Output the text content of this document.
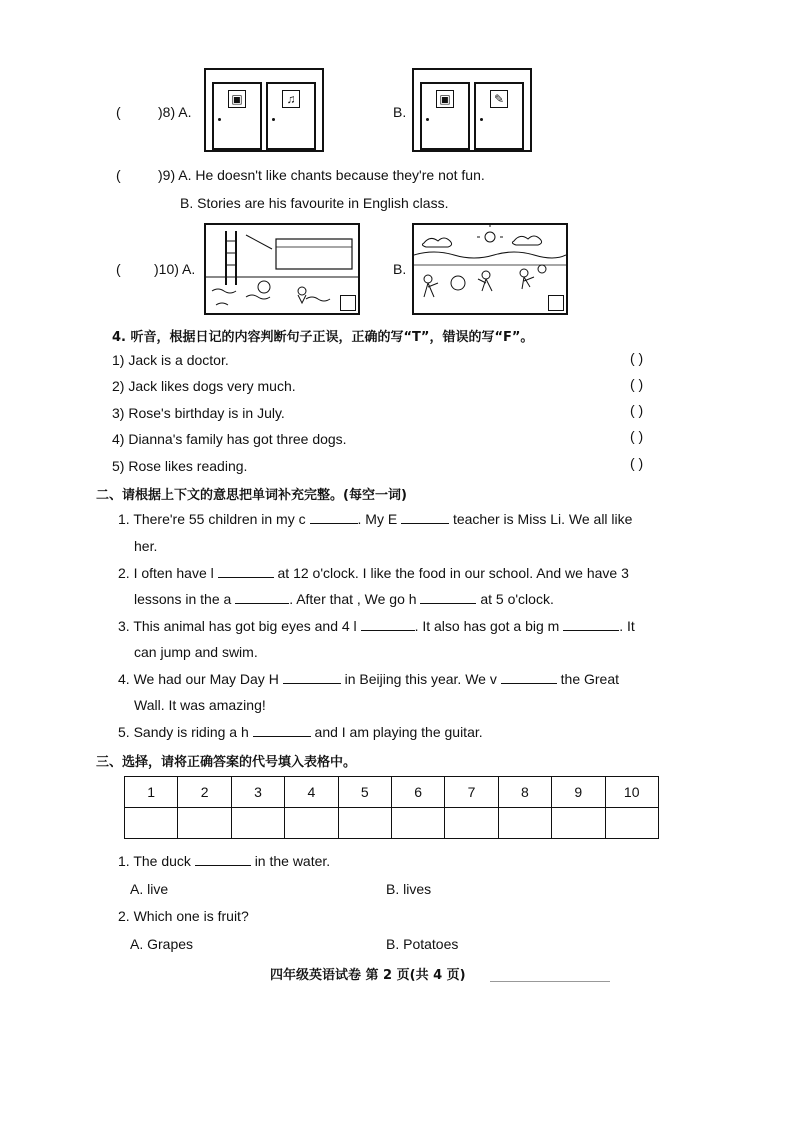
(	)8) A.
▣	♫
B.
▣	✎
(	)9) A. He doesn't like chants because they're not fun.
B. Stories are his favourite in English class.
( )10) A.	B.
4. 听音，根据日记的内容判断句子正误，正确的写“T”，错误的写“F”。
1) Jack is a doctor.	( )
2) Jack likes dogs very much.	( )
3) Rose's birthday is in July.	( )
4) Dianna's family has got three dogs.	( )
5) Rose likes reading.	( )
二、请根据上下文的意思把单词补充完整。(每空一词)
1. There're 55 children in my c	. My E	teacher is Miss Li. We all like
her.
2. I often have l	at 12 o'clock. I like the food in our school. And we have 3
lessons in the a	. After that , We go h	at 5 o'clock.
3. This animal has got big eyes and 4 l	. It also has got a big m	. It
can jump and swim.
4. We had our May Day H	in Beijing this year. We v	the Great
Wall. It was amazing!
5. Sandy is riding a h	and I am playing the guitar.
三、选择，请将正确答案的代号填入表格中。
1	2	3	4	5	6	7	8	9	10

1. The duck	in the water.
A. live	B. lives
2. Which one is fruit?
A. Grapes	B. Potatoes
四年级英语试卷 第 2 页(共 4 页)
